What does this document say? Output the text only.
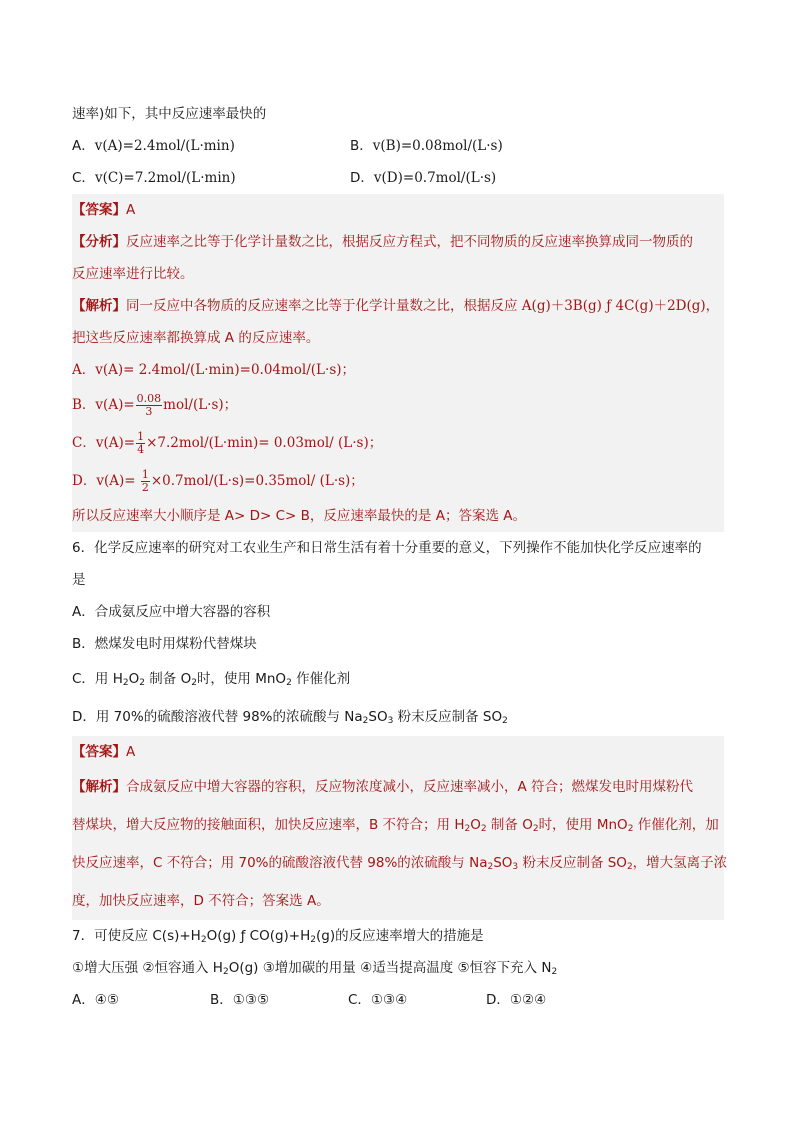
速率)如下，其中反应速率最快的
A．v(A)=2.4mol/(L·min)	B．v(B)=0.08mol/(L·s)
C．v(C)=7.2mol/(L·min)	D．v(D)=0.7mol/(L·s)
【答案】A
【分析】反应速率之比等于化学计量数之比，根据反应方程式，把不同物质的反应速率换算成同一物质的
反应速率进行比较。
【解析】同一反应中各物质的反应速率之比等于化学计量数之比，根据反应 A(g)＋3B(g) ƒ 4C(g)＋2D(g)，
把这些反应速率都换算成 A 的反应速率。
A．v(A)= 2.4mol/(L·min)=0.04mol/(L·s)；
B．$v(A)= \frac{0.08}{3} mol/(L\cdot s)$；
C．$v(A)= \frac{1}{4} \times 7.2mol/(L\cdot\min)= 0.03mol/$ (L·s)；
D．$v(A)= \frac{1}{2} \times 0.7mol/(L\cdot s)=0.35mol/$ (L·s)；
所以反应速率大小顺序是 A> D> C> B，反应速率最快的是 A；答案选 A。
6．化学反应速率的研究对工农业生产和日常生活有着十分重要的意义，下列操作不能加快化学反应速率的
是
A．合成氨反应中增大容器的容积
B．燃煤发电时用煤粉代替煤块
C．用 $H_2O_2$ 制备 $O_2$时，使用 MnO$_2$ 作催化剂
D．用 70%的硫酸溶液代替 98%的浓硫酸与 $Na_2SO_3$ 粉末反应制备 $SO_2$
【答案】A
【解析】合成氨反应中增大容器的容积，反应物浓度减小，反应速率减小，A 符合；燃煤发电时用煤粉代
替煤块，增大反应物的接触面积，加快反应速率，B 不符合；用 $H_2O_2$ 制备 $O_2$时，使用 MnO$_2$ 作催化剂，加
快反应速率，C 不符合；用 70%的硫酸溶液代替 98%的浓硫酸与 $Na_2SO_3$ 粉末反应制备 $SO_2$，增大氢离子浓
度，加快反应速率，D 不符合；答案选 A。
7．可使反应 $C(s)+H_2O(g)$ ƒ $CO(g)+H_2(g)$的反应速率增大的措施是
①增大压强 ②恒容通入 $H_2O(g)$ ③增加碳的用量 ④适当提高温度 ⑤恒容下充入 $N_2$
A．④⑤	B．①③⑤	C．①③④	D．①②④
